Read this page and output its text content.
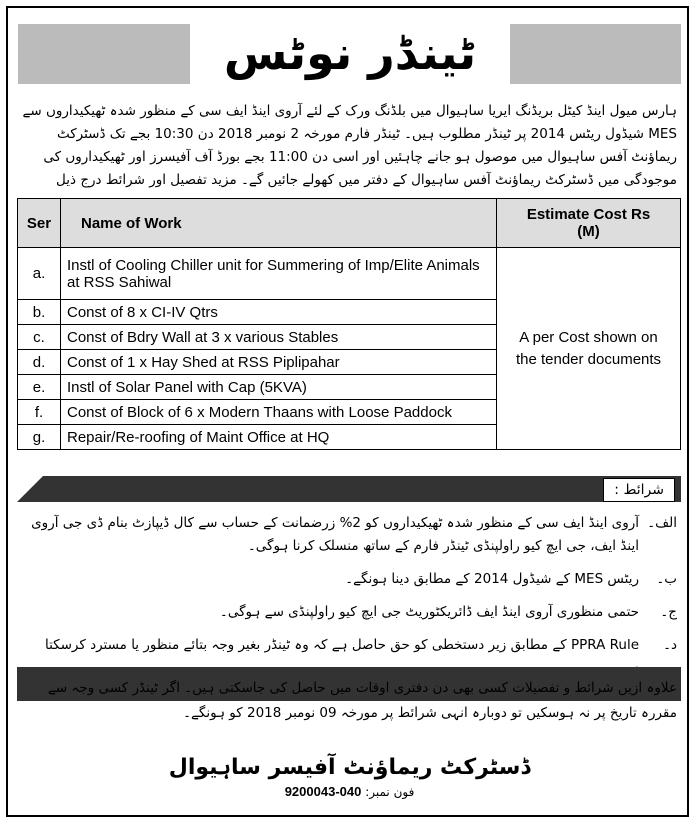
ٹینڈر نوٹس
ہارس میول اینڈ کیٹل بریڈنگ ایریا ساہیوال میں بلڈنگ ورک کے لئے آروی اینڈ ایف سی کے منظور شدہ ٹھیکیداروں سے MES شیڈول ریٹس 2014 پر ٹینڈر مطلوب ہیں۔ ٹینڈر فارم مورخہ 2 نومبر 2018 دن 10:30 بجے تک ڈسٹرکٹ ریماؤنٹ آفس ساہیوال میں موصول ہو جانے چاہئیں اور اسی دن 11:00 بجے بورڈ آف آفیسرز اور ٹھیکیداروں کی موجودگی میں ڈسٹرکٹ ریماؤنٹ آفس ساہیوال کے دفتر میں کھولے جائیں گے۔ مزید تفصیل اور شرائط درج ذیل
Ser	Name of Work	Estimate Cost Rs (M)
a.	Instl of Cooling Chiller unit for Summering of Imp/Elite Animals at RSS Sahiwal	A per Cost shown on the tender documents
b.	Const of 8 x CI-IV Qtrs	
c.	Const of Bdry Wall at 3 x various Stables	
d.	Const of 1 x Hay Shed at RSS Piplipahar	
e.	Instl of Solar Panel with Cap (5KVA)	
f.	Const of Block of 6 x Modern Thaans with Loose Paddock	
g.	Repair/Re-roofing of Maint Office at HQ	
شرائط :
الف۔
آروی اینڈ ایف سی کے منظور شدہ ٹھیکیداروں کو 2% زرضمانت کے حساب سے کال ڈیپازٹ بنام ڈی جی آروی اینڈ ایف، جی ایچ کیو راولپنڈی ٹینڈر فارم کے ساتھ منسلک کرنا ہوگی۔
ب۔
ریٹس MES کے شیڈول 2014 کے مطابق دینا ہونگے۔
ج۔
حتمی منظوری آروی اینڈ ایف ڈائریکٹوریٹ جی ایچ کیو راولپنڈی سے ہوگی۔
د۔
PPRA Rule کے مطابق زیر دستخطی کو حق حاصل ہے کہ وہ ٹینڈر بغیر وجہ بتائے منظور یا مسترد کرسکتا
علاوہ ازیں شرائط و تفصیلات کسی بھی دن دفتری اوقات میں حاصل کی جاسکتی ہیں۔ اگر ٹینڈر کسی وجہ سے مقررہ تاریخ پر نہ ہوسکیں تو دوبارہ انہی شرائط پر مورخہ 09 نومبر 2018 کو ہونگے۔
ڈسٹرکٹ ریماؤنٹ آفیسر ساہیوال
فون نمبر: 040-9200043
